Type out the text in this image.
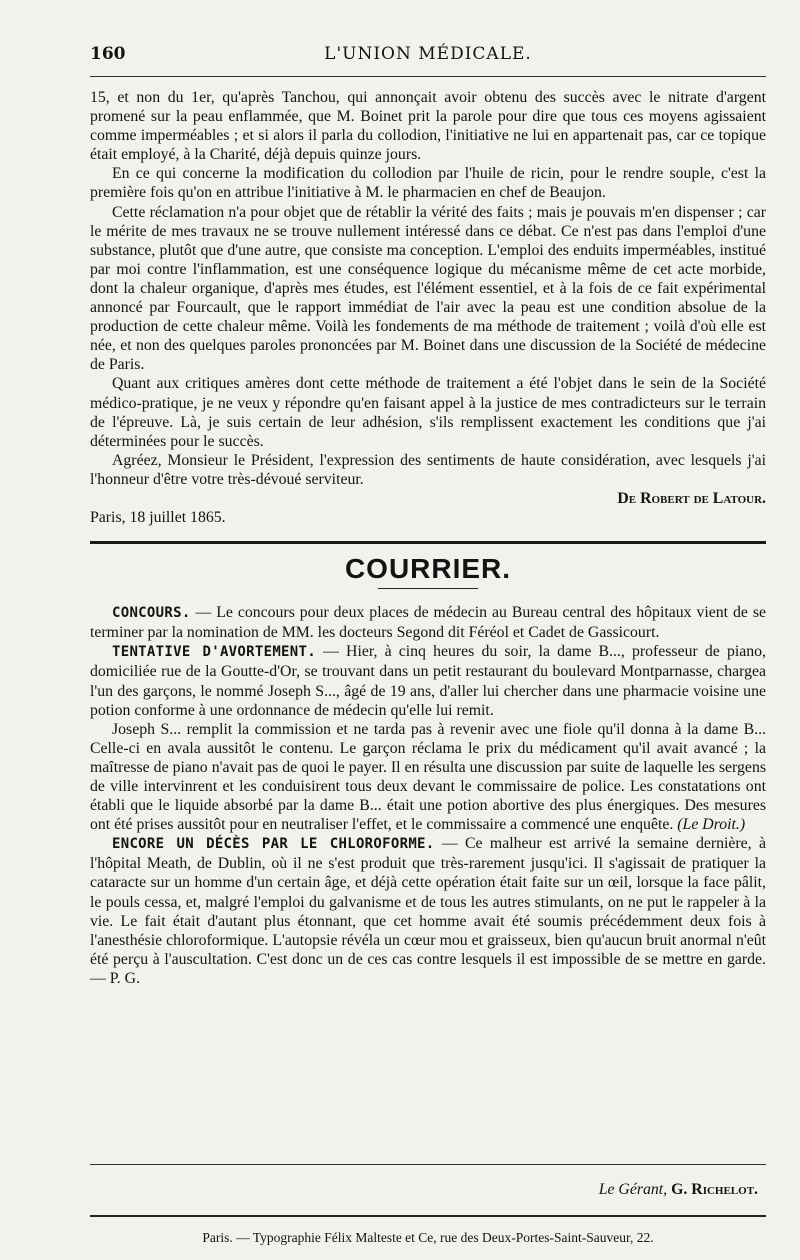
L'UNION MÉDICALE.
160

15, et non du 1er, qu'après Tanchou, qui annonçait avoir obtenu des succès avec le nitrate d'argent promené sur la peau enflammée, que M. Boinet prit la parole pour dire que tous ces moyens agissaient comme imperméables ; et si alors il parla du collodion, l'initiative ne lui en appartenait pas, car ce topique était employé, à la Charité, déjà depuis quinze jours.

En ce qui concerne la modification du collodion par l'huile de ricin, pour le rendre souple, c'est la première fois qu'on en attribue l'initiative à M. le pharmacien en chef de Beaujon.

Cette réclamation n'a pour objet que de rétablir la vérité des faits ; mais je pouvais m'en dispenser ; car le mérite de mes travaux ne se trouve nullement intéressé dans ce débat. Ce n'est pas dans l'emploi d'une substance, plutôt que d'une autre, que consiste ma conception. L'emploi des enduits imperméables, institué par moi contre l'inflammation, est une conséquence logique du mécanisme même de cet acte morbide, dont la chaleur organique, d'après mes études, est l'élément essentiel, et à la fois de ce fait expérimental annoncé par Fourcault, que le rapport immédiat de l'air avec la peau est une condition absolue de la production de cette chaleur même. Voilà les fondements de ma méthode de traitement ; voilà d'où elle est née, et non des quelques paroles prononcées par M. Boinet dans une discussion de la Société de médecine de Paris.

Quant aux critiques amères dont cette méthode de traitement a été l'objet dans le sein de la Société médico-pratique, je ne veux y répondre qu'en faisant appel à la justice de mes contradicteurs sur le terrain de l'épreuve. Là, je suis certain de leur adhésion, s'ils remplissent exactement les conditions que j'ai déterminées pour le succès.

Agréez, Monsieur le Président, l'expression des sentiments de haute considération, avec lesquels j'ai l'honneur d'être votre très-dévoué serviteur.

De Robert de Latour.

Paris, 18 juillet 1865.

COURRIER.

CONCOURS. — Le concours pour deux places de médecin au Bureau central des hôpitaux vient de se terminer par la nomination de MM. les docteurs Segond dit Féréol et Cadet de Gassicourt.

TENTATIVE D'AVORTEMENT. — Hier, à cinq heures du soir, la dame B..., professeur de piano, domiciliée rue de la Goutte-d'Or, se trouvant dans un petit restaurant du boulevard Montparnasse, chargea l'un des garçons, le nommé Joseph S..., âgé de 19 ans, d'aller lui chercher dans une pharmacie voisine une potion conforme à une ordonnance de médecin qu'elle lui remit.

Joseph S... remplit la commission et ne tarda pas à revenir avec une fiole qu'il donna à la dame B... Celle-ci en avala aussitôt le contenu. Le garçon réclama le prix du médicament qu'il avait avancé ; la maîtresse de piano n'avait pas de quoi le payer. Il en résulta une discussion par suite de laquelle les sergens de ville intervinrent et les conduisirent tous deux devant le commissaire de police. Les constatations ont établi que le liquide absorbé par la dame B... était une potion abortive des plus énergiques. Des mesures ont été prises aussitôt pour en neutraliser l'effet, et le commissaire a commencé une enquête. (Le Droit.)

ENCORE UN DÉCÈS PAR LE CHLOROFORME. — Ce malheur est arrivé la semaine dernière, à l'hôpital Meath, de Dublin, où il ne s'est produit que très-rarement jusqu'ici. Il s'agissait de pratiquer la cataracte sur un homme d'un certain âge, et déjà cette opération était faite sur un œil, lorsque la face pâlit, le pouls cessa, et, malgré l'emploi du galvanisme et de tous les autres stimulants, on ne put le rappeler à la vie. Le fait était d'autant plus étonnant, que cet homme avait été soumis précédemment deux fois à l'anesthésie chloroformique. L'autopsie révéla un cœur mou et graisseux, bien qu'aucun bruit anormal n'eût été perçu à l'auscultation. C'est donc un de ces cas contre lesquels il est impossible de se mettre en garde. — P. G.

Le Gérant, G. Richelot.

Paris. — Typographie Félix Malteste et Ce, rue des Deux-Portes-Saint-Sauveur, 22.
